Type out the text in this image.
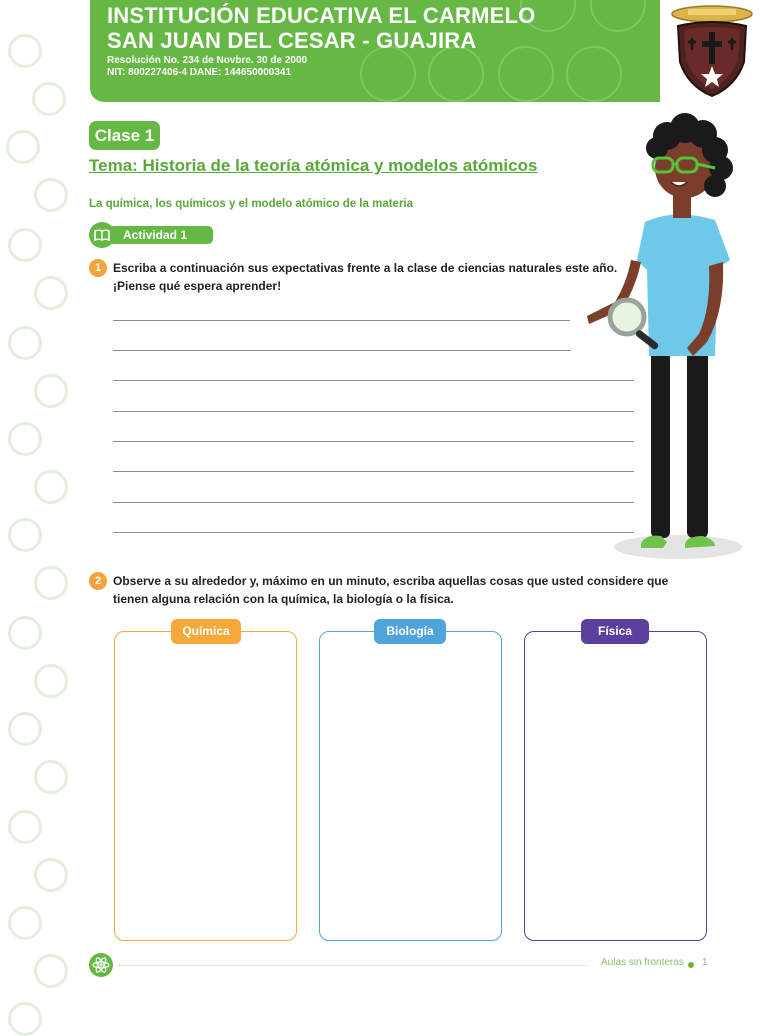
INSTITUCIÓN EDUCATIVA EL CARMELO
SAN JUAN DEL CESAR - GUAJIRA
Resolución No. 234 de Novbre. 30 de 2000
NIT: 800227406-4 DANE: 144650000341
Clase 1
Tema: Historia de la teoría atómica y modelos atómicos
La química, los químicos y el modelo atómico de la materia
Actividad 1
1 Escriba a continuación sus expectativas frente a la clase de ciencias naturales este año.
¡Piense qué espera aprender!
2 Observe a su alrededor y, máximo en un minuto, escriba aquellas cosas que usted considere que
tienen alguna relación con la química, la biología o la física.
Química	Biología	Física
Aulas sin fronteras 1
